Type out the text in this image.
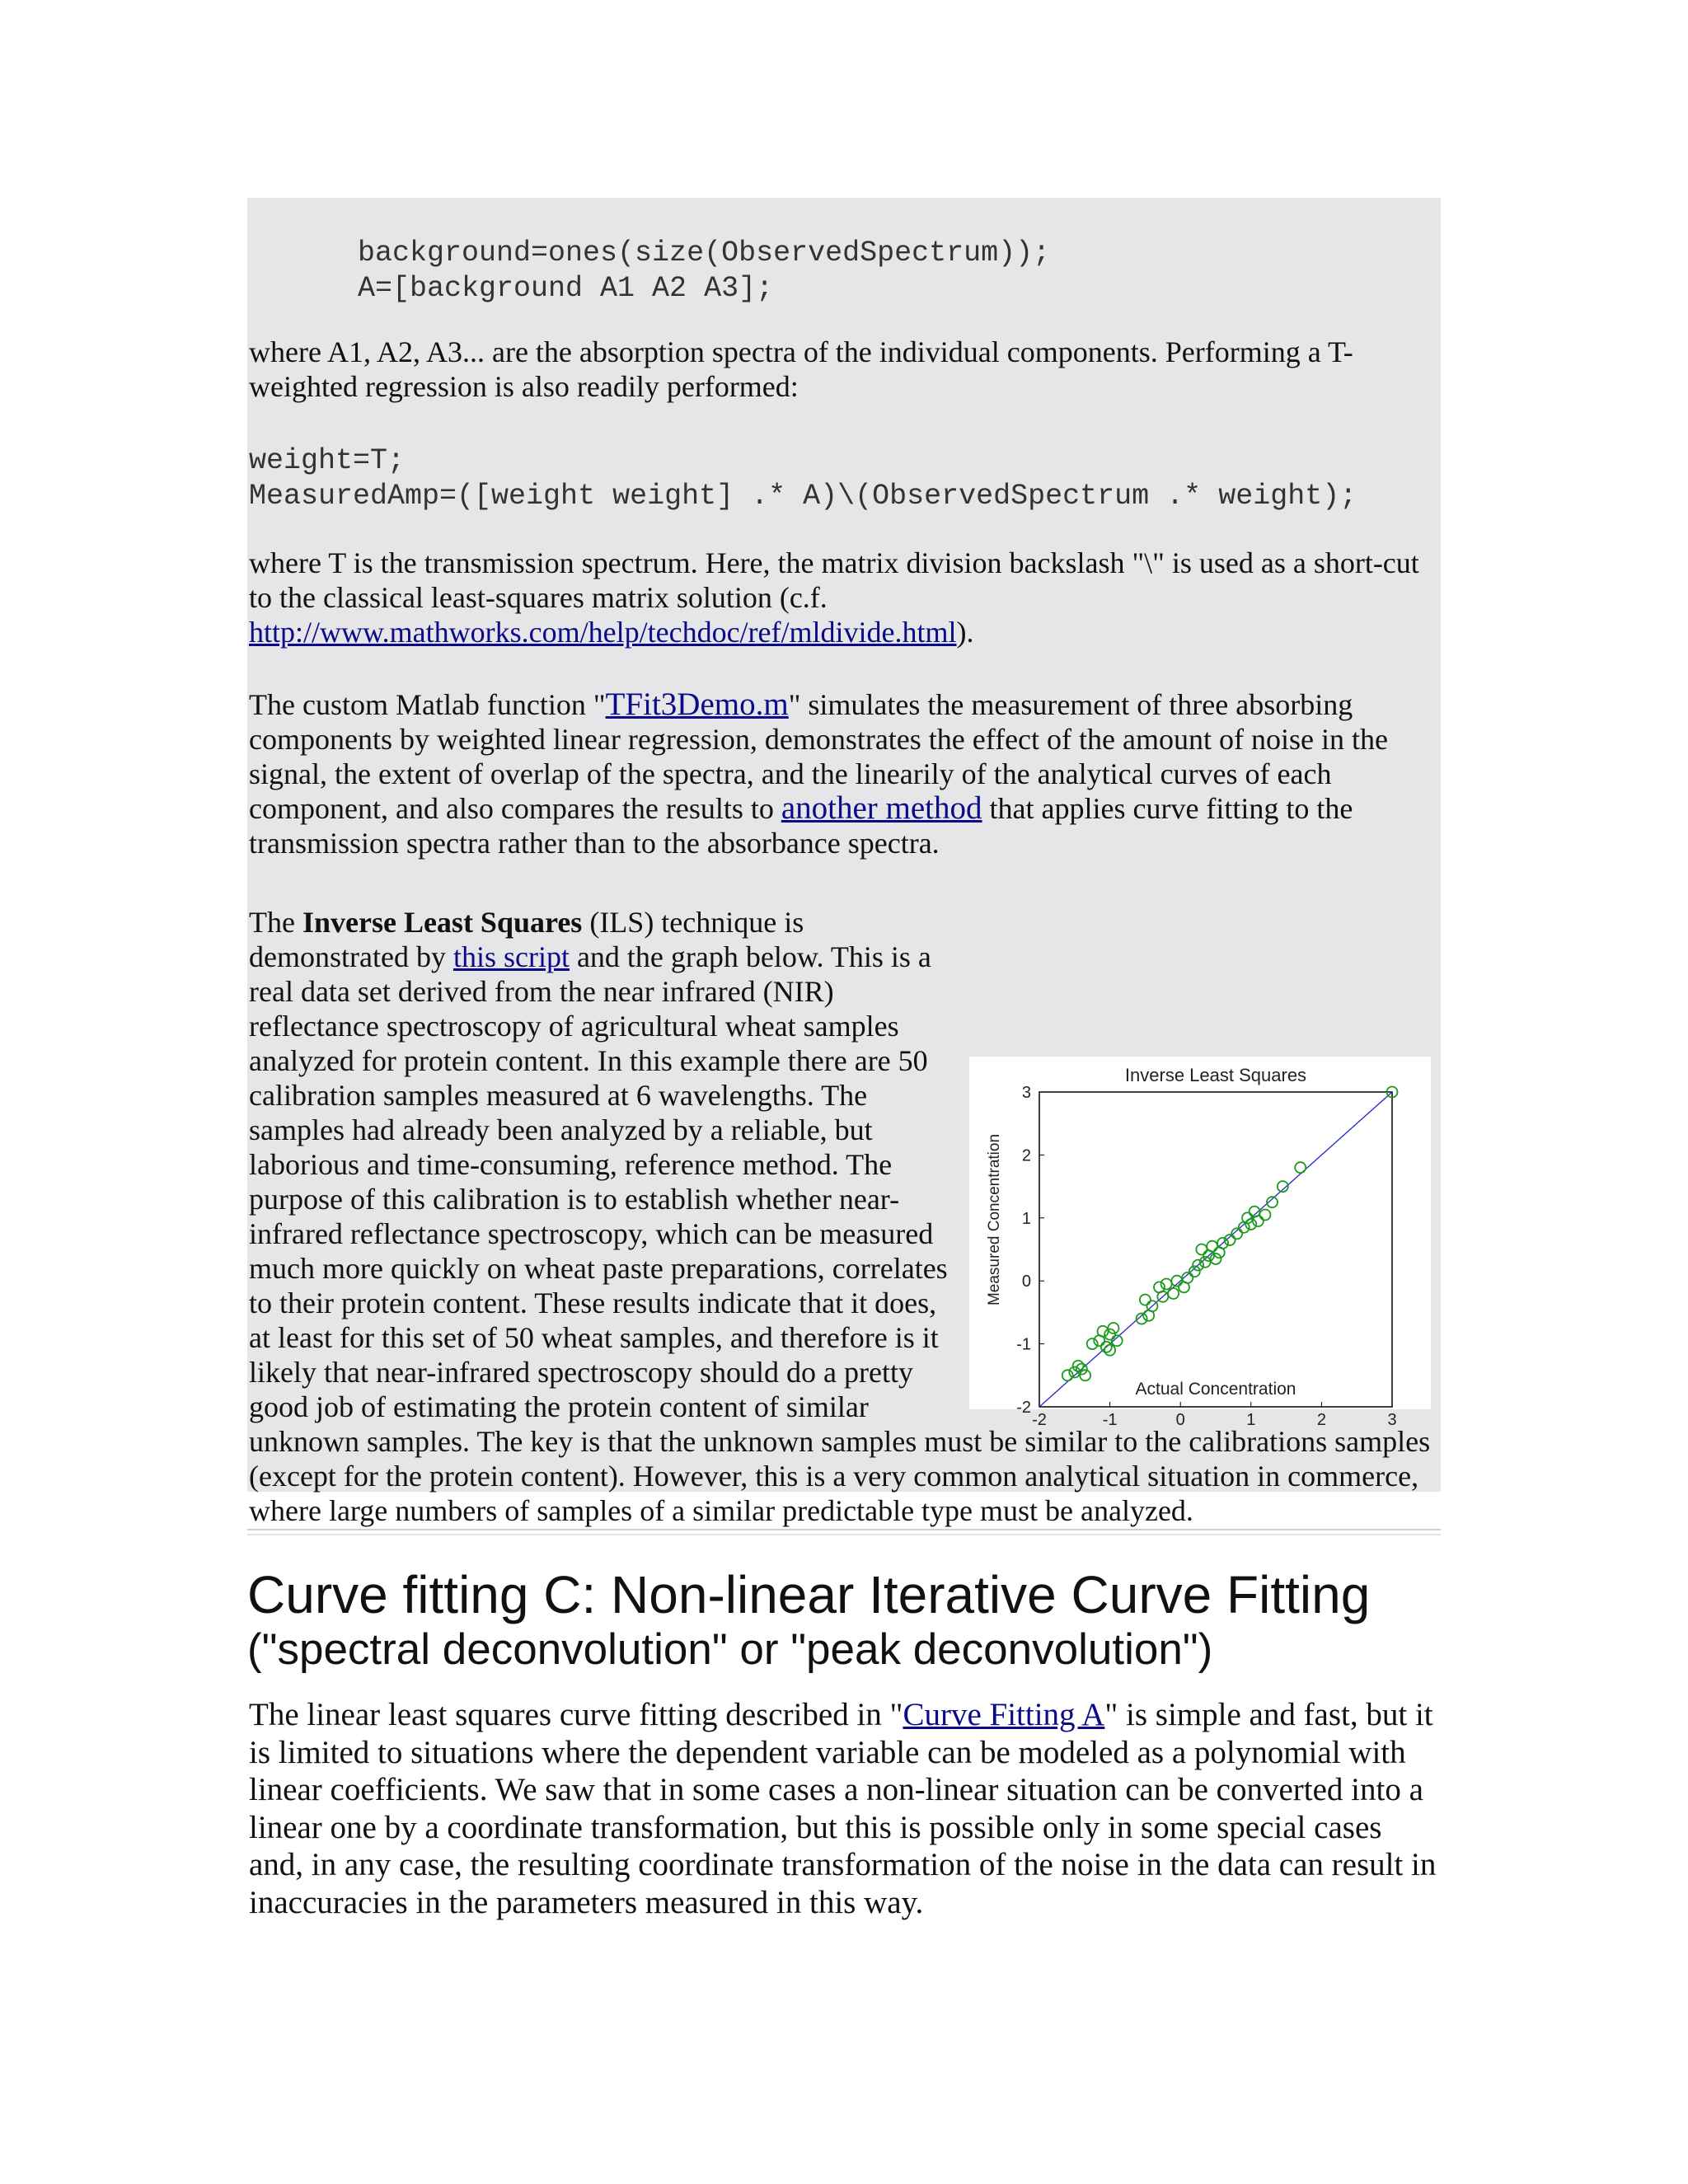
background=ones(size(ObservedSpectrum));
A=[background A1 A2 A3];
where A1, A2, A3... are the absorption spectra of the individual components. Performing a T-weighted regression is also readily performed:
weight=T;
MeasuredAmp=([weight weight] .* A)\(ObservedSpectrum .* weight);
where T is the transmission spectrum. Here, the matrix division backslash "\" is used as a short-cut to the classical least-squares matrix solution (c.f. http://www.mathworks.com/help/techdoc/ref/mldivide.html).
The custom Matlab function "TFit3Demo.m" simulates the measurement of three absorbing components by weighted linear regression, demonstrates the effect of the amount of noise in the signal, the extent of overlap of the spectra, and the linearily of the analytical curves of each component, and also compares the results to another method that applies curve fitting to the transmission spectra rather than to the absorbance spectra.
The Inverse Least Squares (ILS) technique is demonstrated by this script and the graph below. This is a real data set derived from the near infrared (NIR) reflectance spectroscopy of agricultural wheat samples analyzed for protein content. In this example there are 50 calibration samples measured at 6 wavelengths. The samples had already been analyzed by a reliable, but laborious and time-consuming, reference method. The purpose of this calibration is to establish whether near-infrared reflectance spectroscopy, which can be measured much more quickly on wheat paste preparations, correlates to their protein content. These results indicate that it does, at least for this set of 50 wheat samples, and therefore is it likely that near-infrared spectroscopy should do a pretty good job of estimating the protein content of similar unknown samples. The key is that the unknown samples must be similar to the calibrations samples (except for the protein content). However, this is a very common analytical situation in commerce, where large numbers of samples of a similar predictable type must be analyzed.
Inverse Least Squares
-2	-1	0	1	2	3
-2
-1
0
1
2
3
Actual Concentration
Measured Concentration
Curve fitting C: Non-linear Iterative Curve Fitting
("spectral deconvolution" or "peak deconvolution")
The linear least squares curve fitting described in "Curve Fitting A" is simple and fast, but it is limited to situations where the dependent variable can be modeled as a polynomial with linear coefficients. We saw that in some cases a non-linear situation can be converted into a linear one by a coordinate transformation, but this is possible only in some special cases and, in any case, the resulting coordinate transformation of the noise in the data can result in inaccuracies in the parameters measured in this way.
